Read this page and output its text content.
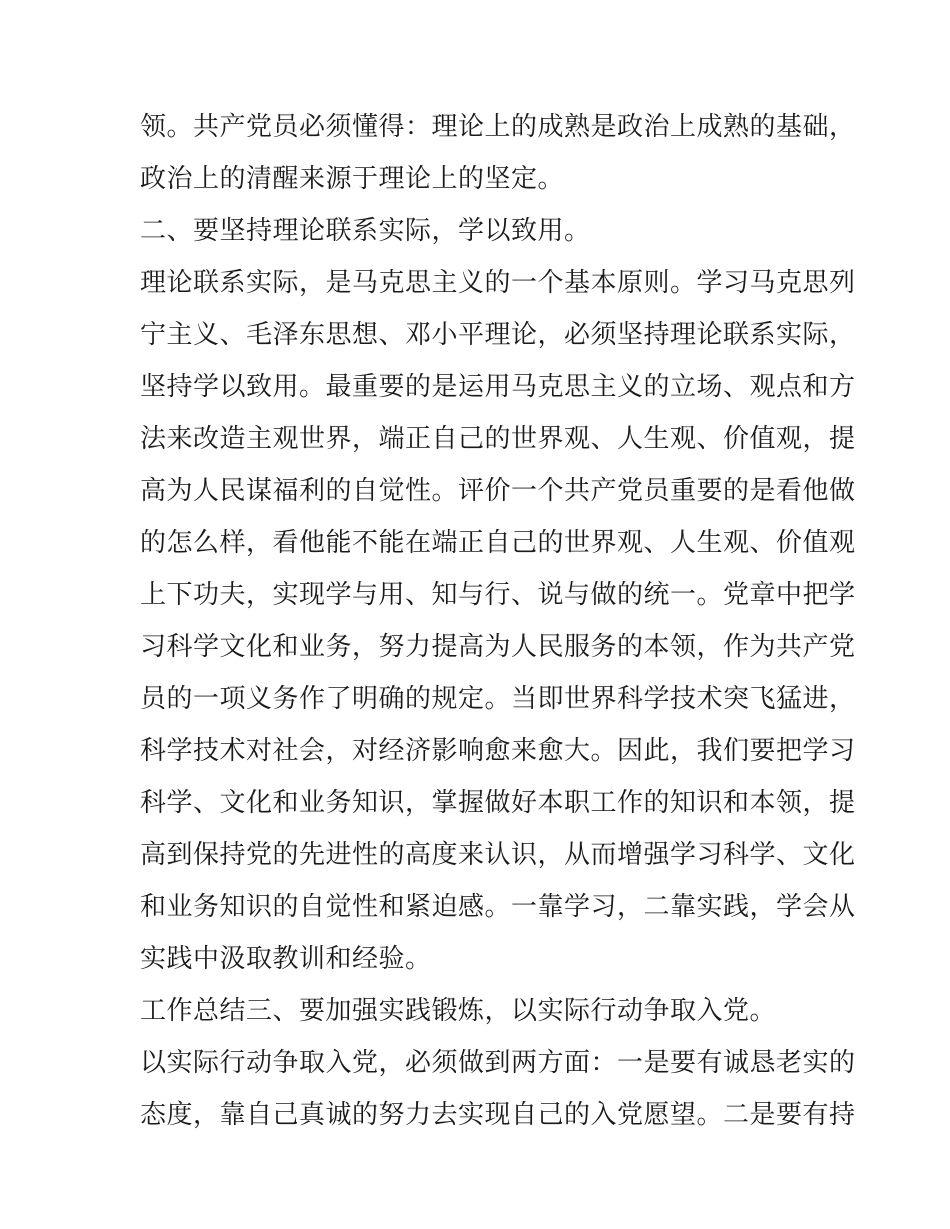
领。共产党员必须懂得：理论上的成熟是政治上成熟的基础，
政治上的清醒来源于理论上的坚定。
二、要坚持理论联系实际，学以致用。
理论联系实际，是马克思主义的一个基本原则。学习马克思列
宁主义、毛泽东思想、邓小平理论，必须坚持理论联系实际，
坚持学以致用。最重要的是运用马克思主义的立场、观点和方
法来改造主观世界，端正自己的世界观、人生观、价值观，提
高为人民谋福利的自觉性。评价一个共产党员重要的是看他做
的怎么样，看他能不能在端正自己的世界观、人生观、价值观
上下功夫，实现学与用、知与行、说与做的统一。党章中把学
习科学文化和业务，努力提高为人民服务的本领，作为共产党
员的一项义务作了明确的规定。当即世界科学技术突飞猛进，
科学技术对社会，对经济影响愈来愈大。因此，我们要把学习
科学、文化和业务知识，掌握做好本职工作的知识和本领，提
高到保持党的先进性的高度来认识，从而增强学习科学、文化
和业务知识的自觉性和紧迫感。一靠学习，二靠实践，学会从
实践中汲取教训和经验。
工作总结三、要加强实践锻炼，以实际行动争取入党。
以实际行动争取入党，必须做到两方面：一是要有诚恳老实的
态度，靠自己真诚的努力去实现自己的入党愿望。二是要有持
